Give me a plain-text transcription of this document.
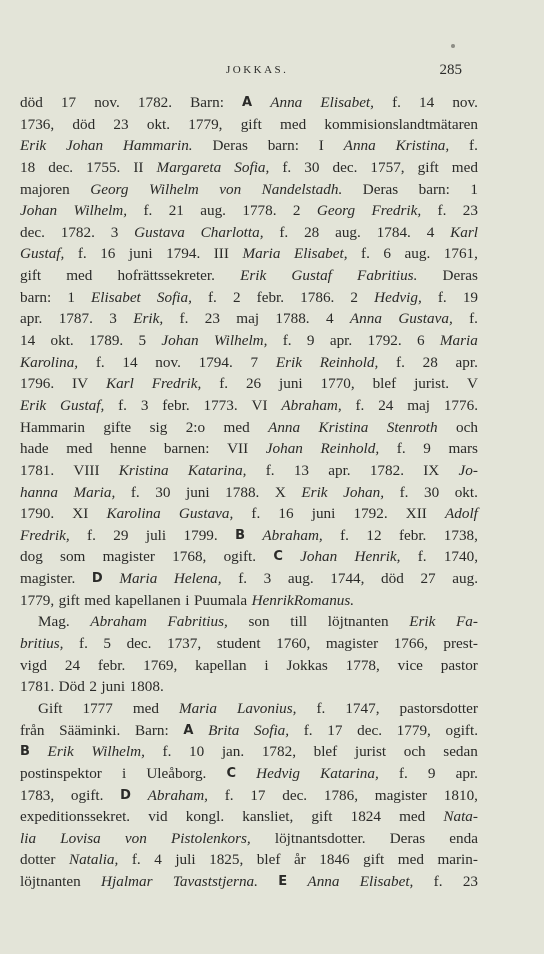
JOKKAS.	285
död 17 nov. 1782. Barn: A Anna Elisabet, f. 14 nov.
1736, död 23 okt. 1779, gift med kommisionslandtmätaren
Erik Johan Hammarin. Deras barn: I Anna Kristina, f.
18 dec. 1755. II Margareta Sofia, f. 30 dec. 1757, gift med
majoren Georg Wilhelm von Nandelstadh. Deras barn: 1
Johan Wilhelm, f. 21 aug. 1778. 2 Georg Fredrik, f. 23
dec. 1782. 3 Gustava Charlotta, f. 28 aug. 1784. 4 Karl
Gustaf, f. 16 juni 1794. III Maria Elisabet, f. 6 aug. 1761,
gift med hofrättssekreter. Erik Gustaf Fabritius. Deras
barn: 1 Elisabet Sofia, f. 2 febr. 1786. 2 Hedvig, f. 19
apr. 1787. 3 Erik, f. 23 maj 1788. 4 Anna Gustava, f.
14 okt. 1789. 5 Johan Wilhelm, f. 9 apr. 1792. 6 Maria
Karolina, f. 14 nov. 1794. 7 Erik Reinhold, f. 28 apr.
1796. IV Karl Fredrik, f. 26 juni 1770, blef jurist. V
Erik Gustaf, f. 3 febr. 1773. VI Abraham, f. 24 maj 1776.
Hammarin gifte sig 2:o med Anna Kristina Stenroth och
hade med henne barnen: VII Johan Reinhold, f. 9 mars
1781. VIII Kristina Katarina, f. 13 apr. 1782. IX Jo-
hanna Maria, f. 30 juni 1788. X Erik Johan, f. 30 okt.
1790. XI Karolina Gustava, f. 16 juni 1792. XII Adolf
Fredrik, f. 29 juli 1799. B Abraham, f. 12 febr. 1738,
dog som magister 1768, ogift. C Johan Henrik, f. 1740,
magister. D Maria Helena, f. 3 aug. 1744, död 27 aug.
1779, gift med kapellanen i Puumala Henrik Romanus.
Mag. Abraham Fabritius, son till löjtnanten Erik Fa-
britius, f. 5 dec. 1737, student 1760, magister 1766, prest-
vigd 24 febr. 1769, kapellan i Jokkas 1778, vice pastor
1781. Död 2 juni 1808.
Gift 1777 med Maria Lavonius, f. 1747, pastorsdotter
från Sääminki. Barn: A Brita Sofia, f. 17 dec. 1779, ogift.
B Erik Wilhelm, f. 10 jan. 1782, blef jurist och sedan
postinspektor i Uleåborg. C Hedvig Katarina, f. 9 apr.
1783, ogift. D Abraham, f. 17 dec. 1786, magister 1810,
expeditionssekret. vid kongl. kansliet, gift 1824 med Nata-
lia Lovisa von Pistolenkors, löjtnantsdotter. Deras enda
dotter Natalia, f. 4 juli 1825, blef år 1846 gift med marin-
löjtnanten Hjalmar Tavaststjerna. E Anna Elisabet, f. 23
